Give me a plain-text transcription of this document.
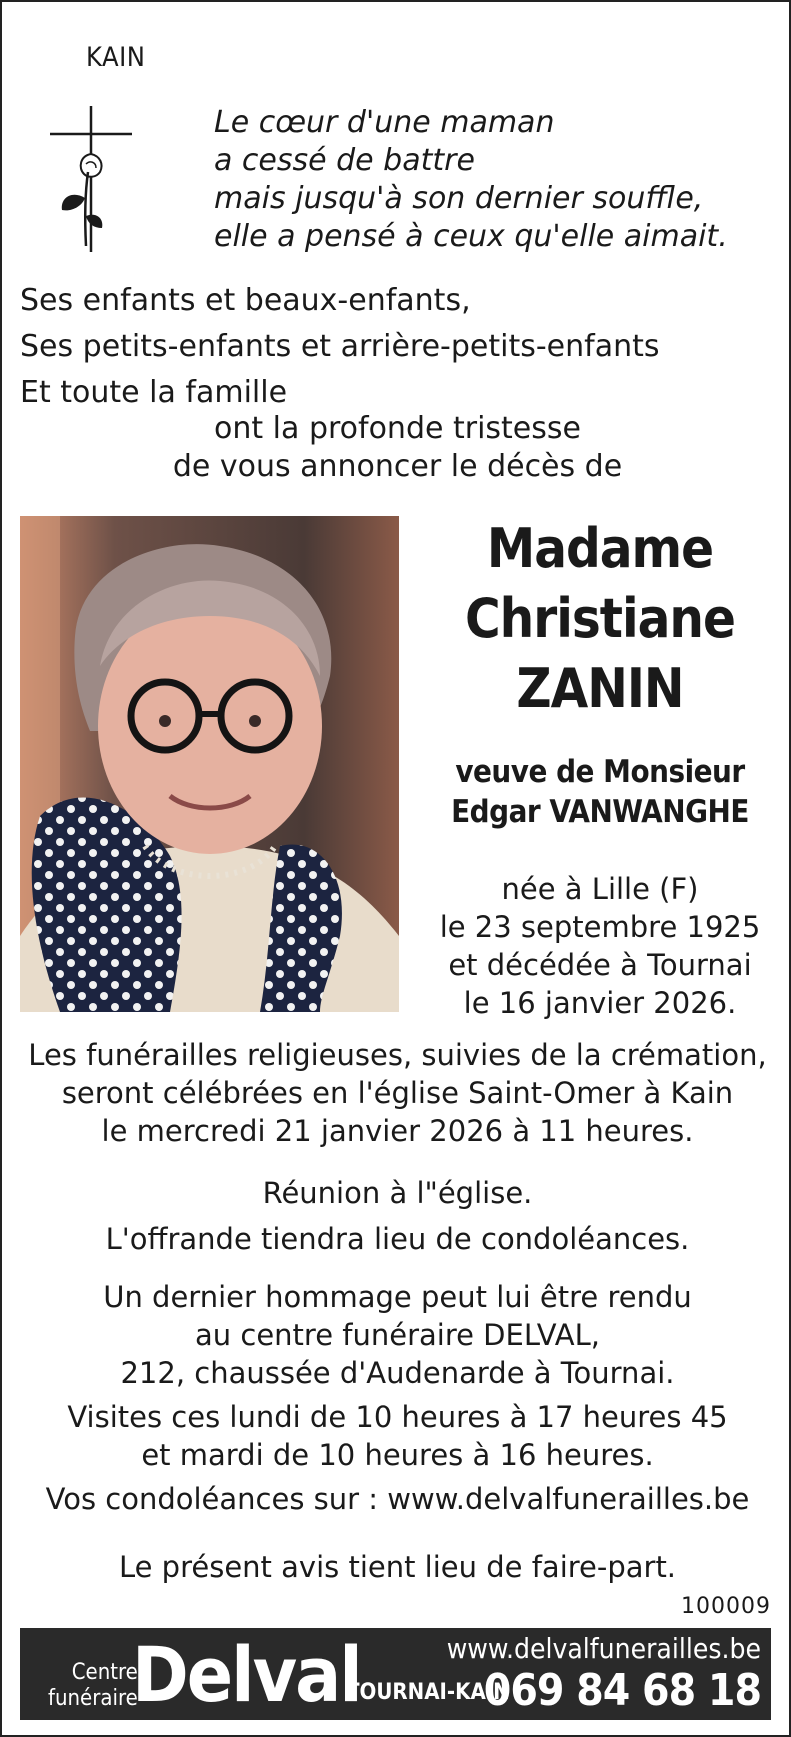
KAIN
Le cœur d'une maman
a cessé de battre
mais jusqu'à son dernier souffle,
elle a pensé à ceux qu'elle aimait.
Ses enfants et beaux-enfants,
Ses petits-enfants et arrière-petits-enfants
Et toute la famille
ont la profonde tristesse
de vous annoncer le décès de
Madame
Christiane
ZANIN
veuve de Monsieur
Edgar VANWANGHE
née à Lille (F)
le 23 septembre 1925
et décédée à Tournai
le 16 janvier 2026.
Les funérailles religieuses, suivies de la crémation,
seront célébrées en l'église Saint-Omer à Kain
le mercredi 21 janvier 2026 à 11 heures.
Réunion à l"église.
L'offrande tiendra lieu de condoléances.
Un dernier hommage peut lui être rendu
au centre funéraire DELVAL,
212, chaussée d'Audenarde à Tournai.
Visites ces lundi de 10 heures à 17 heures 45
et mardi de 10 heures à 16 heures.
Vos condoléances sur : www.delvalfunerailles.be
Le présent avis tient lieu de faire-part.
100009
Centre
funéraire
Delval
TOURNAI-KAIN
www.delvalfunerailles.be
069 84 68 18
